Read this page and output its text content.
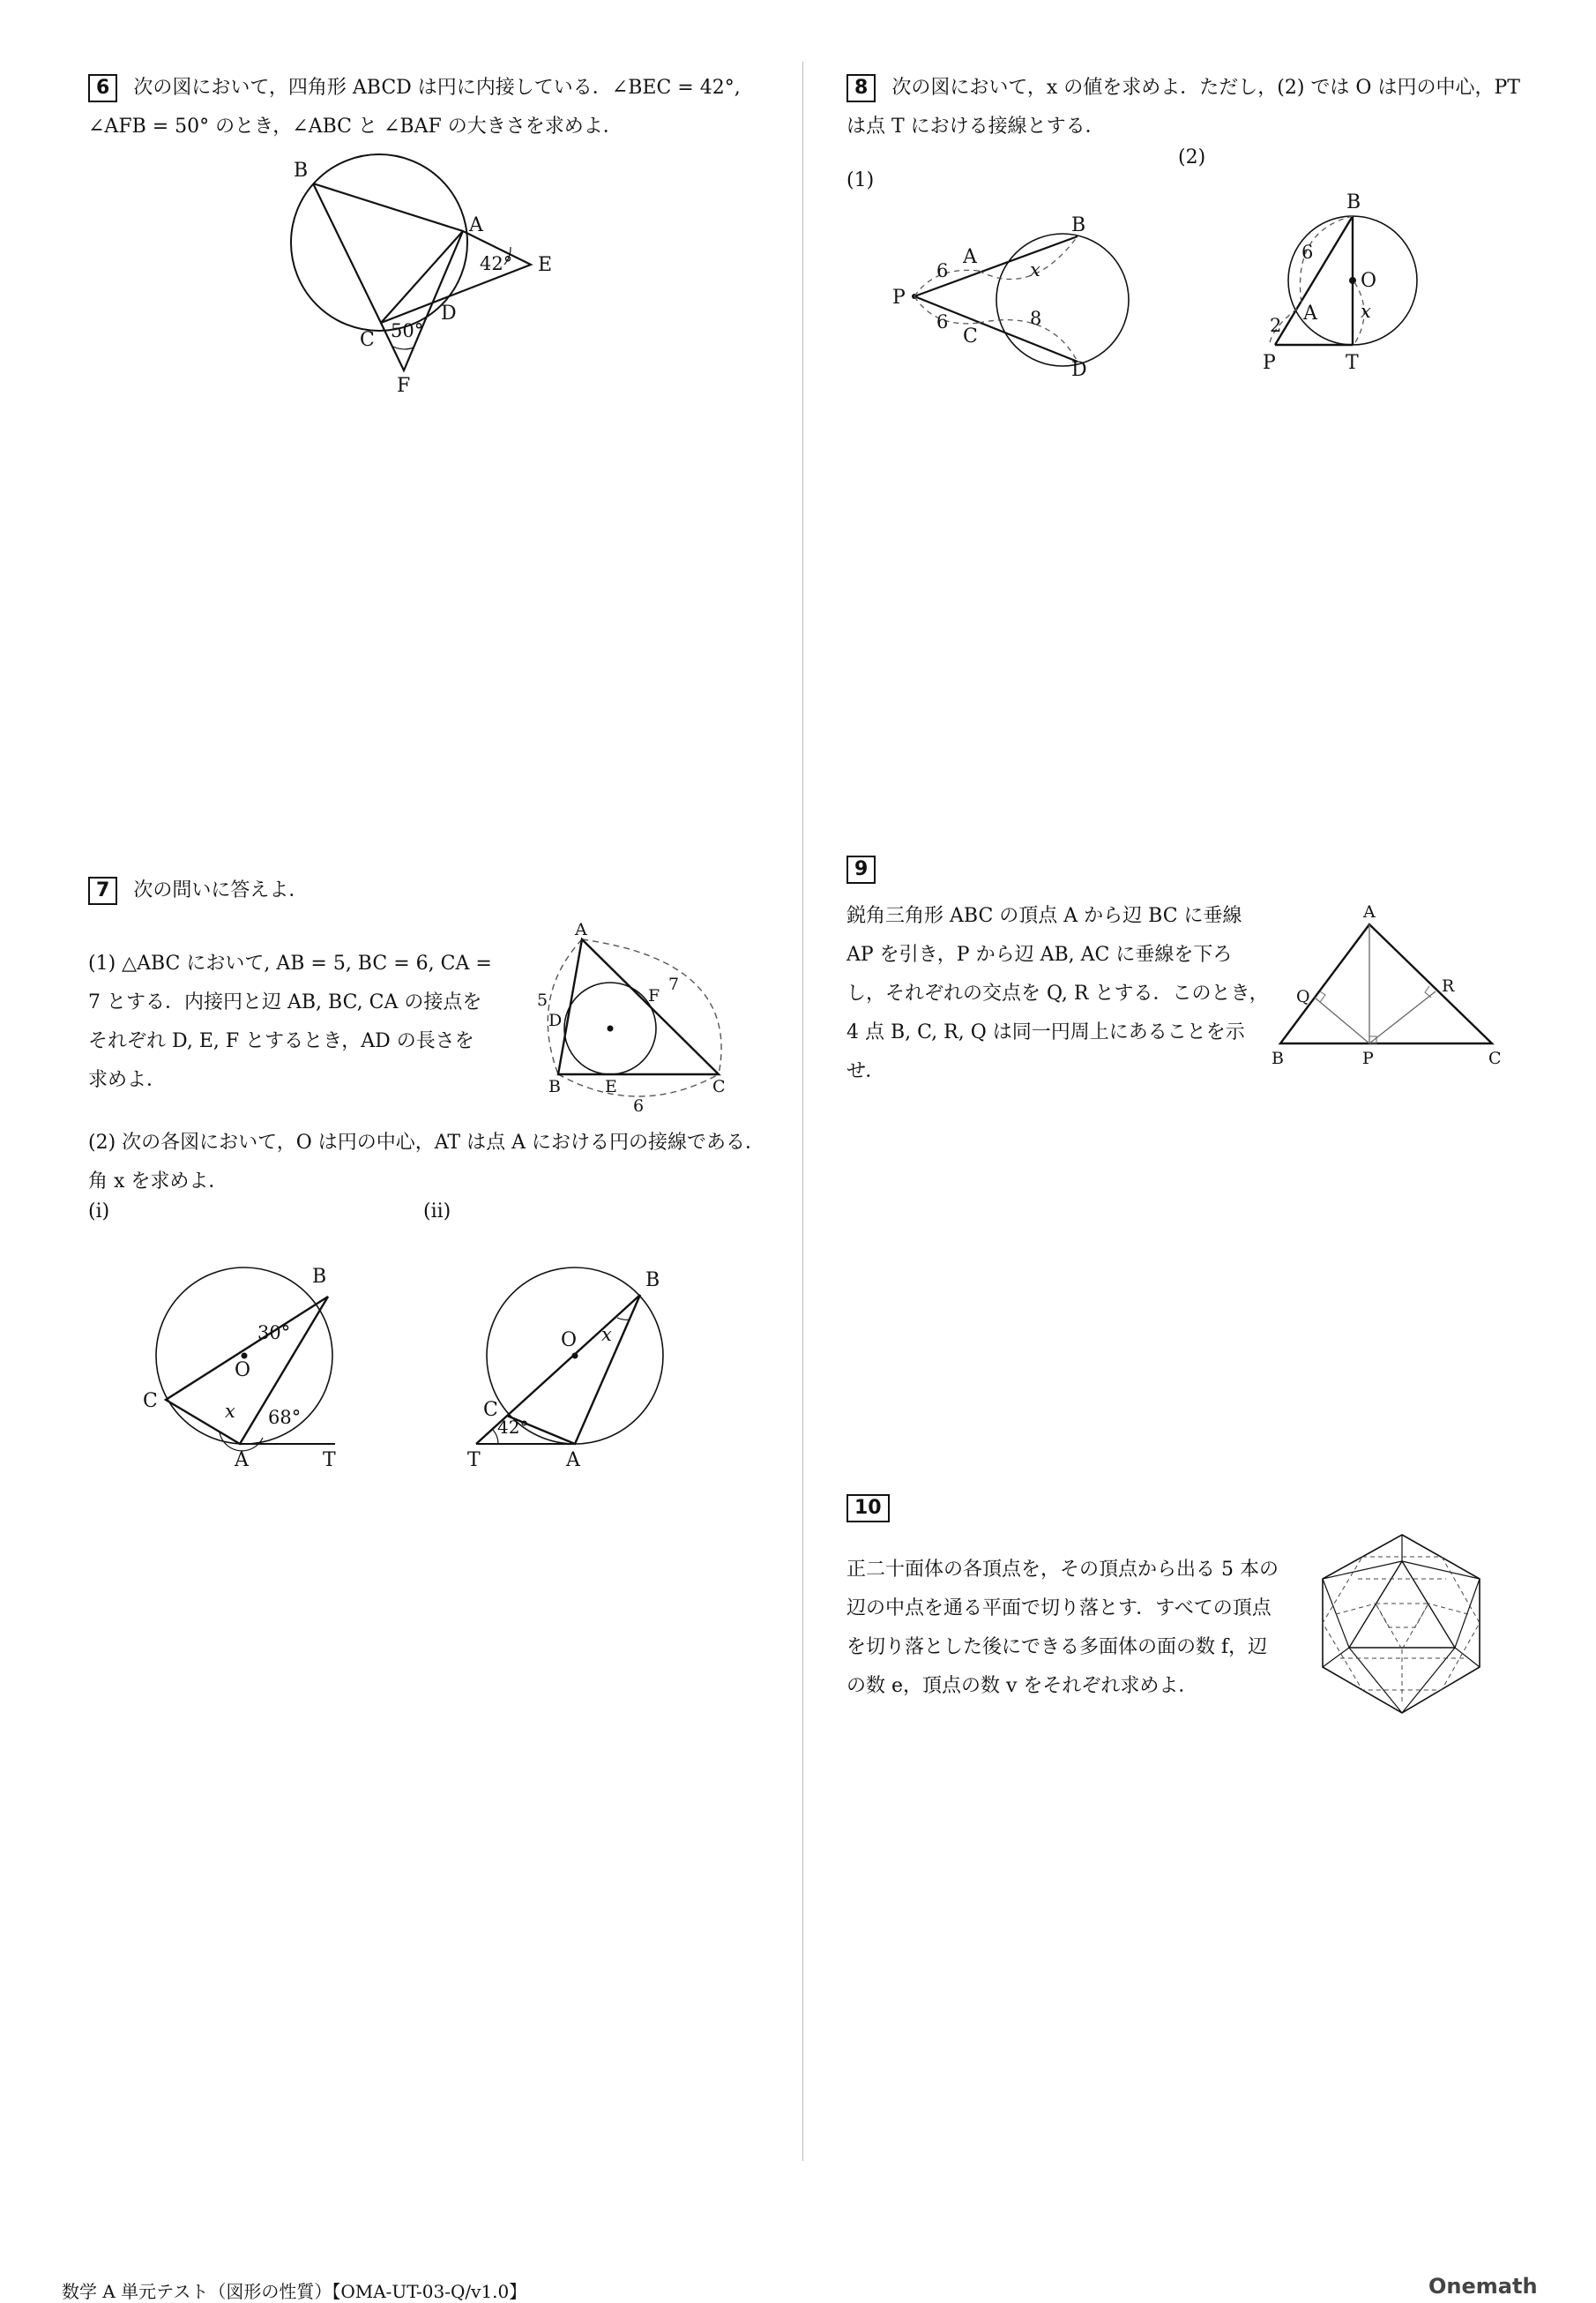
6 次の図において，四角形 ABCD は円に内接している．∠BEC = 42°,
∠AFB = 50° のとき，∠ABC と ∠BAF の大きさを求めよ．
B
A
E
C
D
F
42°
50°
7 次の問いに答えよ．
(1) △ABC において, AB = 5, BC = 6, CA =
7 とする．内接円と辺 AB, BC, CA の接点を
それぞれ D, E, F とするとき，AD の長さを
求めよ．
A
B	C
D
E
F
5
6
7
(2) 次の各図において，O は円の中心，AT は点 A における円の接線である．
角 x を求めよ．
(i)	(ii)
B
C
O
A	T
x
30°
68°
B
O
C
T	A
x
42°
8 次の図において，x の値を求めよ．ただし，(2) では O は円の中心，PT
は点 T における接線とする．
(1)
(2)
P
A
B
C
D
6
6
x
8
B
O
A
P	T
6
2
x
9
鋭角三角形 ABC の頂点 A から辺 BC に垂線
AP を引き，P から辺 AB, AC に垂線を下ろ
し，それぞれの交点を Q, R とする．このとき，
4 点 B, C, R, Q は同一円周上にあることを示
せ．
A
B	C
P
Q
R
10
正二十面体の各頂点を，その頂点から出る 5 本の
辺の中点を通る平面で切り落とす．すべての頂点
を切り落とした後にできる多面体の面の数 f，辺
の数 e，頂点の数 v をそれぞれ求めよ．
数学 A 単元テスト（図形の性質）【OMA-UT-03-Q/v1.0】	Onemath
